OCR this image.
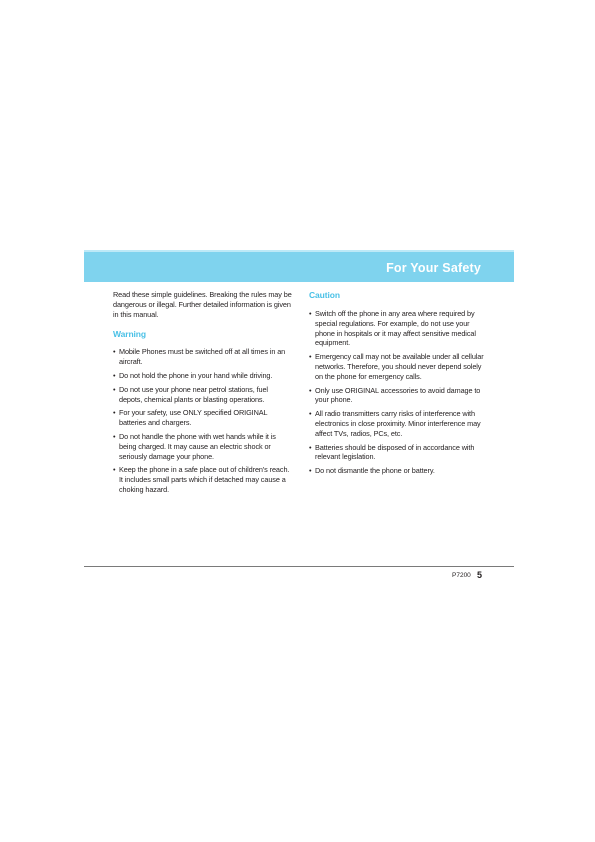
For Your Safety

Read these simple guidelines. Breaking the rules may be dangerous or illegal. Further detailed information is given in this manual.

Warning
• Mobile Phones must be switched off at all times in an aircraft.
• Do not hold the phone in your hand while driving.
• Do not use your phone near petrol stations, fuel depots, chemical plants or blasting operations.
• For your safety, use ONLY specified ORIGINAL batteries and chargers.
• Do not handle the phone with wet hands while it is being charged. It may cause an electric shock or seriously damage your phone.
• Keep the phone in a safe place out of children's reach. It includes small parts which if detached may cause a choking hazard.
Caution
• Switch off the phone in any area where required by special regulations. For example, do not use your phone in hospitals or it may affect sensitive medical equipment.
• Emergency call may not be available under all cellular networks. Therefore, you should never depend solely on the phone for emergency calls.
• Only use ORIGINAL accessories to avoid damage to your phone.
• All radio transmitters carry risks of interference with electronics in close proximity. Minor interference may affect TVs, radios, PCs, etc.
• Batteries should be disposed of in accordance with relevant legislation.
• Do not dismantle the phone or battery.
P7200 5
